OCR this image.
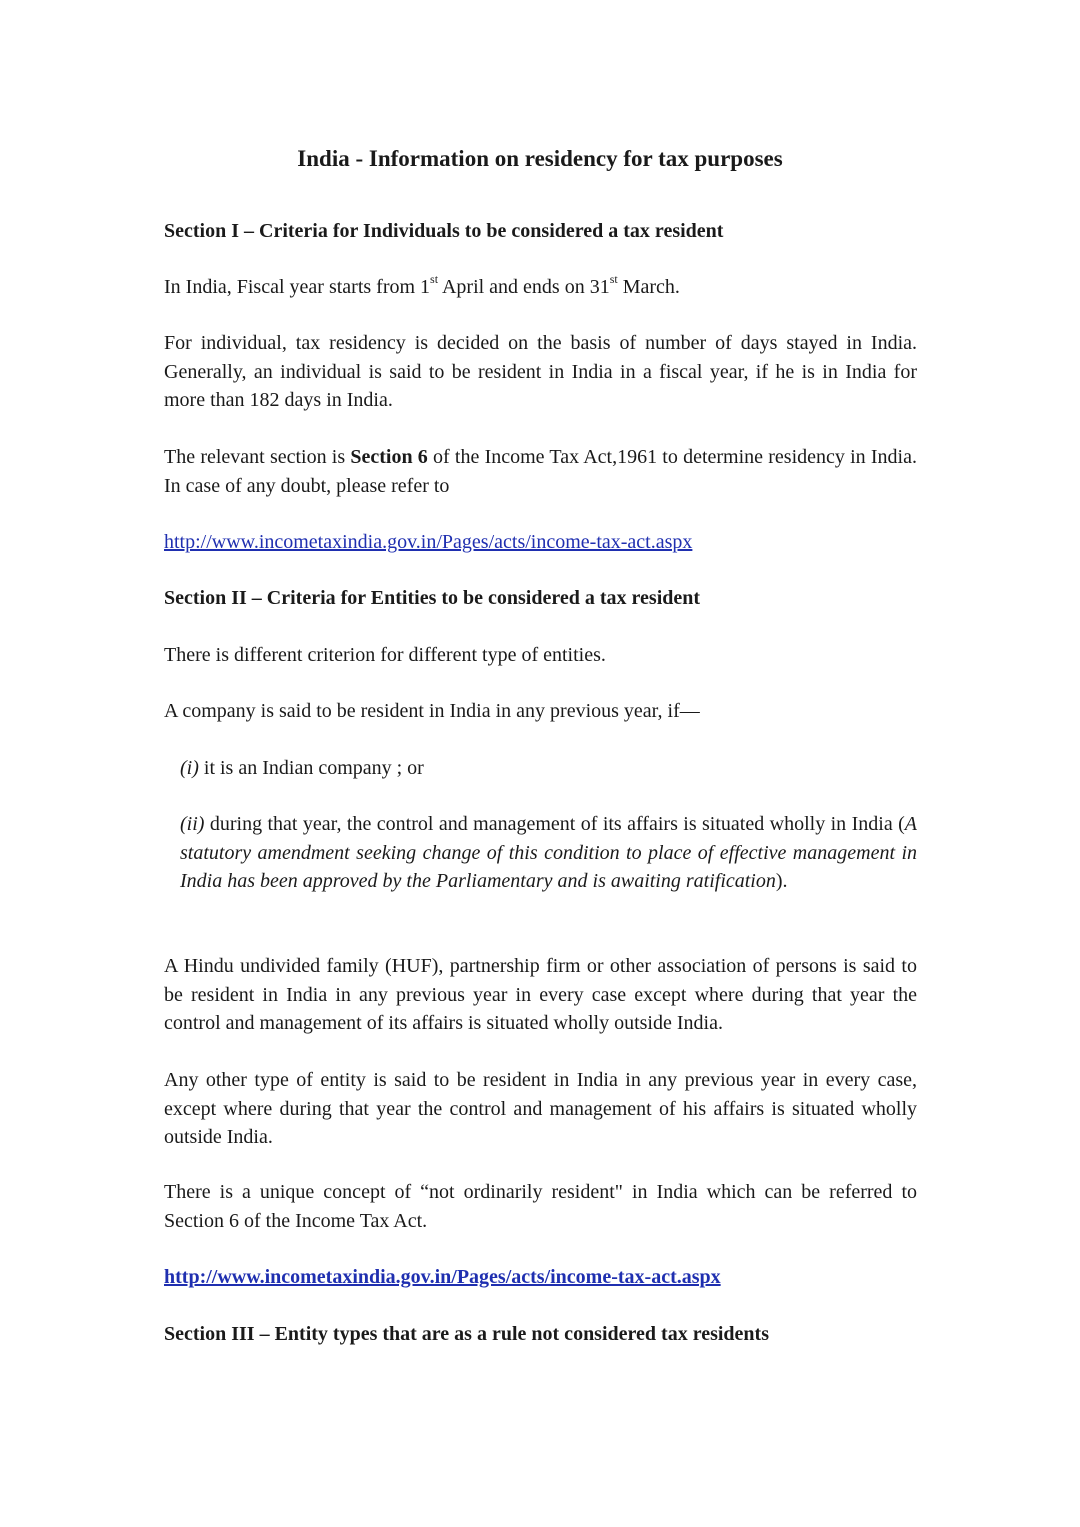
India - Information on residency for tax purposes

Section I – Criteria for Individuals to be considered a tax resident

In India, Fiscal year starts from 1st April and ends on 31st March.

For individual, tax residency is decided on the basis of number of days stayed in India. Generally, an individual is said to be resident in India in a fiscal year, if he is in India for more than 182 days in India.

The relevant section is Section 6 of the Income Tax Act,1961 to determine residency in India. In case of any doubt, please refer to

http://www.incometaxindia.gov.in/Pages/acts/income-tax-act.aspx

Section II – Criteria for Entities to be considered a tax resident

There is different criterion for different type of entities.

A company is said to be resident in India in any previous year, if—

(i) it is an Indian company ; or

(ii) during that year, the control and management of its affairs is situated wholly in India (A statutory amendment seeking change of this condition to place of effective management in India has been approved by the Parliamentary and is awaiting ratification).

A Hindu undivided family (HUF), partnership firm or other association of persons is said to be resident in India in any previous year in every case except where during that year the control and management of its affairs is situated wholly outside India.

Any other type of entity is said to be resident in India in any previous year in every case, except where during that year the control and management of his affairs is situated wholly outside India.

There is a unique concept of “not ordinarily resident" in India which can be referred to Section 6 of the Income Tax Act.

http://www.incometaxindia.gov.in/Pages/acts/income-tax-act.aspx

Section III – Entity types that are as a rule not considered tax residents
